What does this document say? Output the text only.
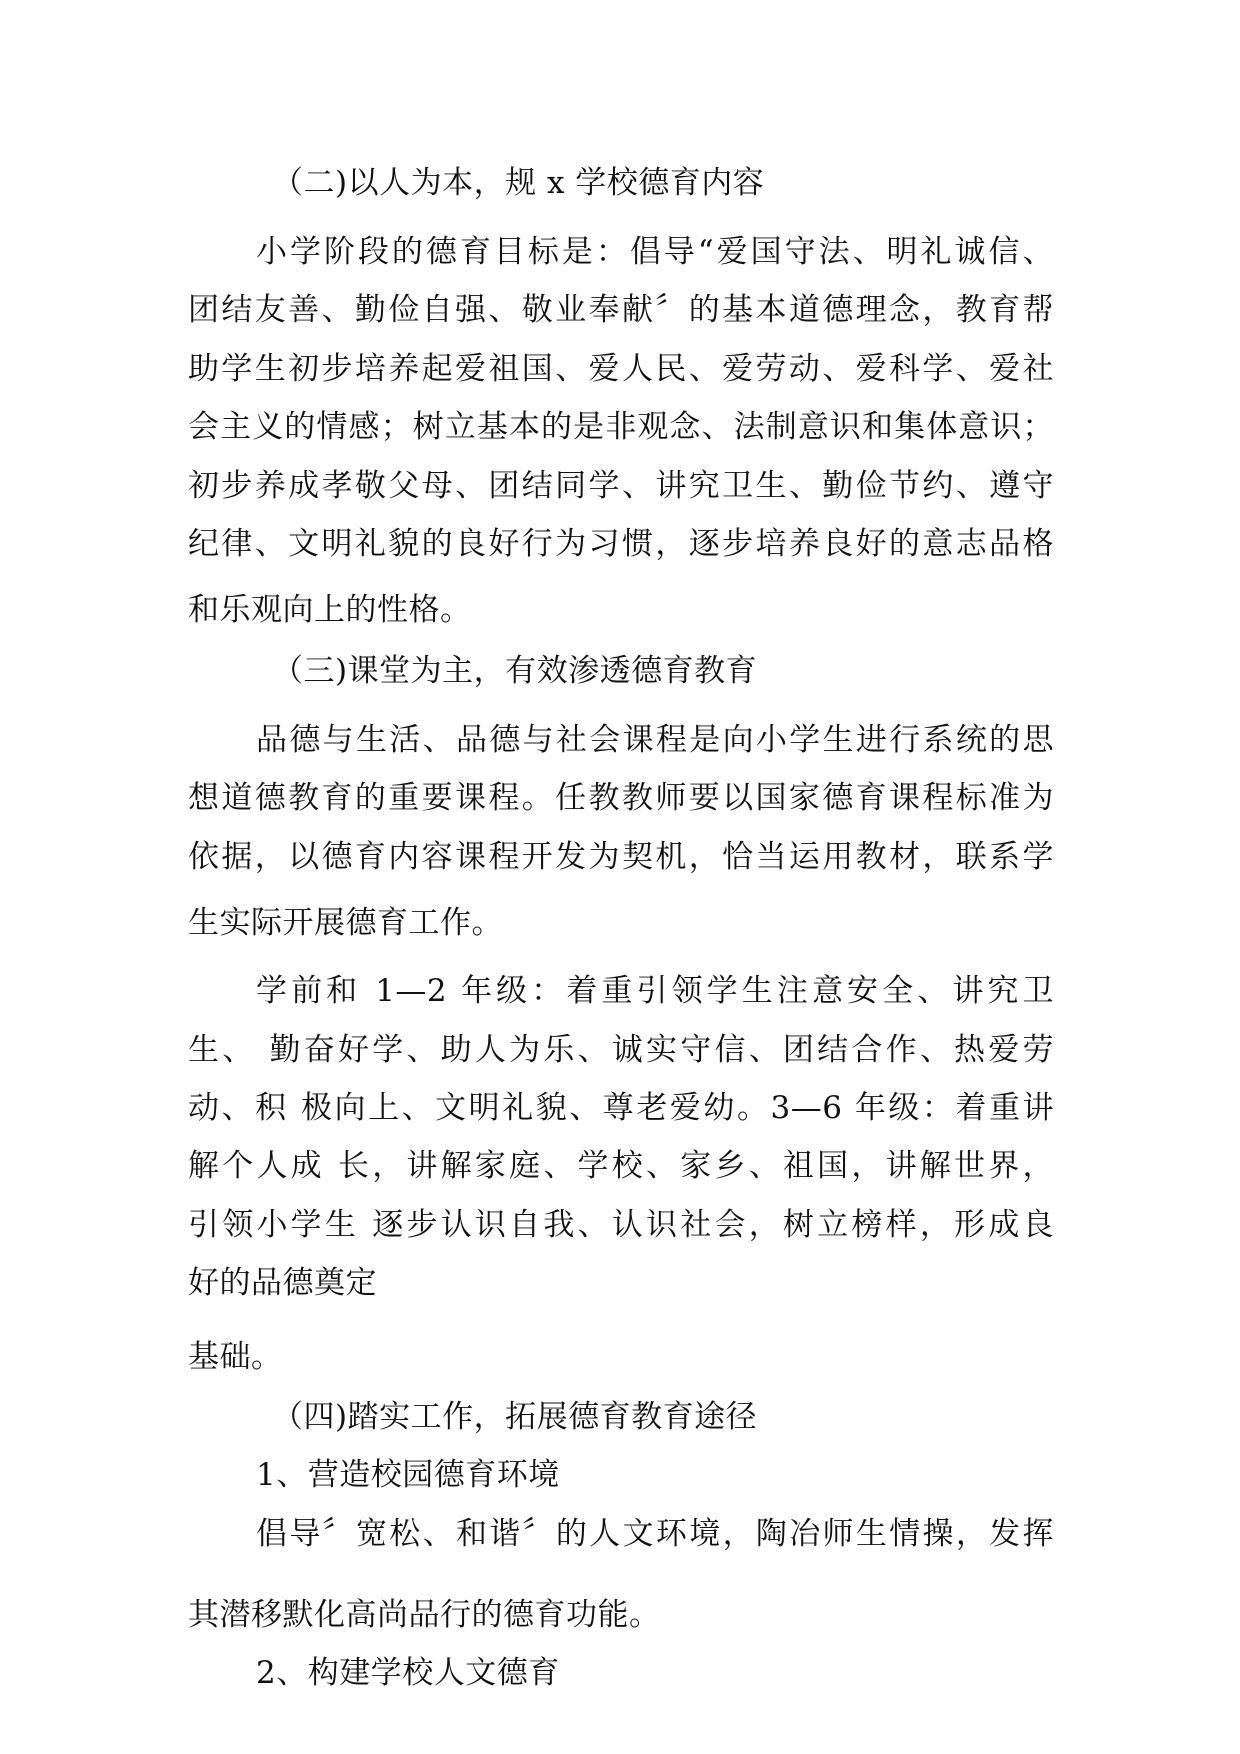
（二)以人为本，规 x 学校德育内容
小学阶段的德育目标是：倡导“爱国守法、明礼诚信、
团结友善、勤俭自强、敬业奉献〞的基本道德理念，教育帮
助学生初步培养起爱祖国、爱人民、爱劳动、爱科学、爱社
会主义的情感；树立基本的是非观念、法制意识和集体意识；
初步养成孝敬父母、团结同学、讲究卫生、勤俭节约、遵守
纪律、文明礼貌的良好行为习惯，逐步培养良好的意志品格
和乐观向上的性格。
（三)课堂为主，有效渗透德育教育
品德与生活、品德与社会课程是向小学生进行系统的思
想道德教育的重要课程。任教教师要以国家德育课程标准为
依据，以德育内容课程开发为契机，恰当运用教材，联系学
生实际开展德育工作。
学前和 1—2 年级：着重引领学生注意安全、讲究卫
生、 勤奋好学、助人为乐、诚实守信、团结合作、热爱劳
动、积 极向上、文明礼貌、尊老爱幼。3—6 年级：着重讲
解个人成 长，讲解家庭、学校、家乡、祖国，讲解世界，
引领小学生 逐步认识自我、认识社会，树立榜样，形成良
好的品德奠定
基础。
（四)踏实工作，拓展德育教育途径
1、营造校园德育环境
倡导〞宽松、和谐〞的人文环境，陶冶师生情操，发挥
其潜移默化高尚品行的德育功能。
2、构建学校人文德育
